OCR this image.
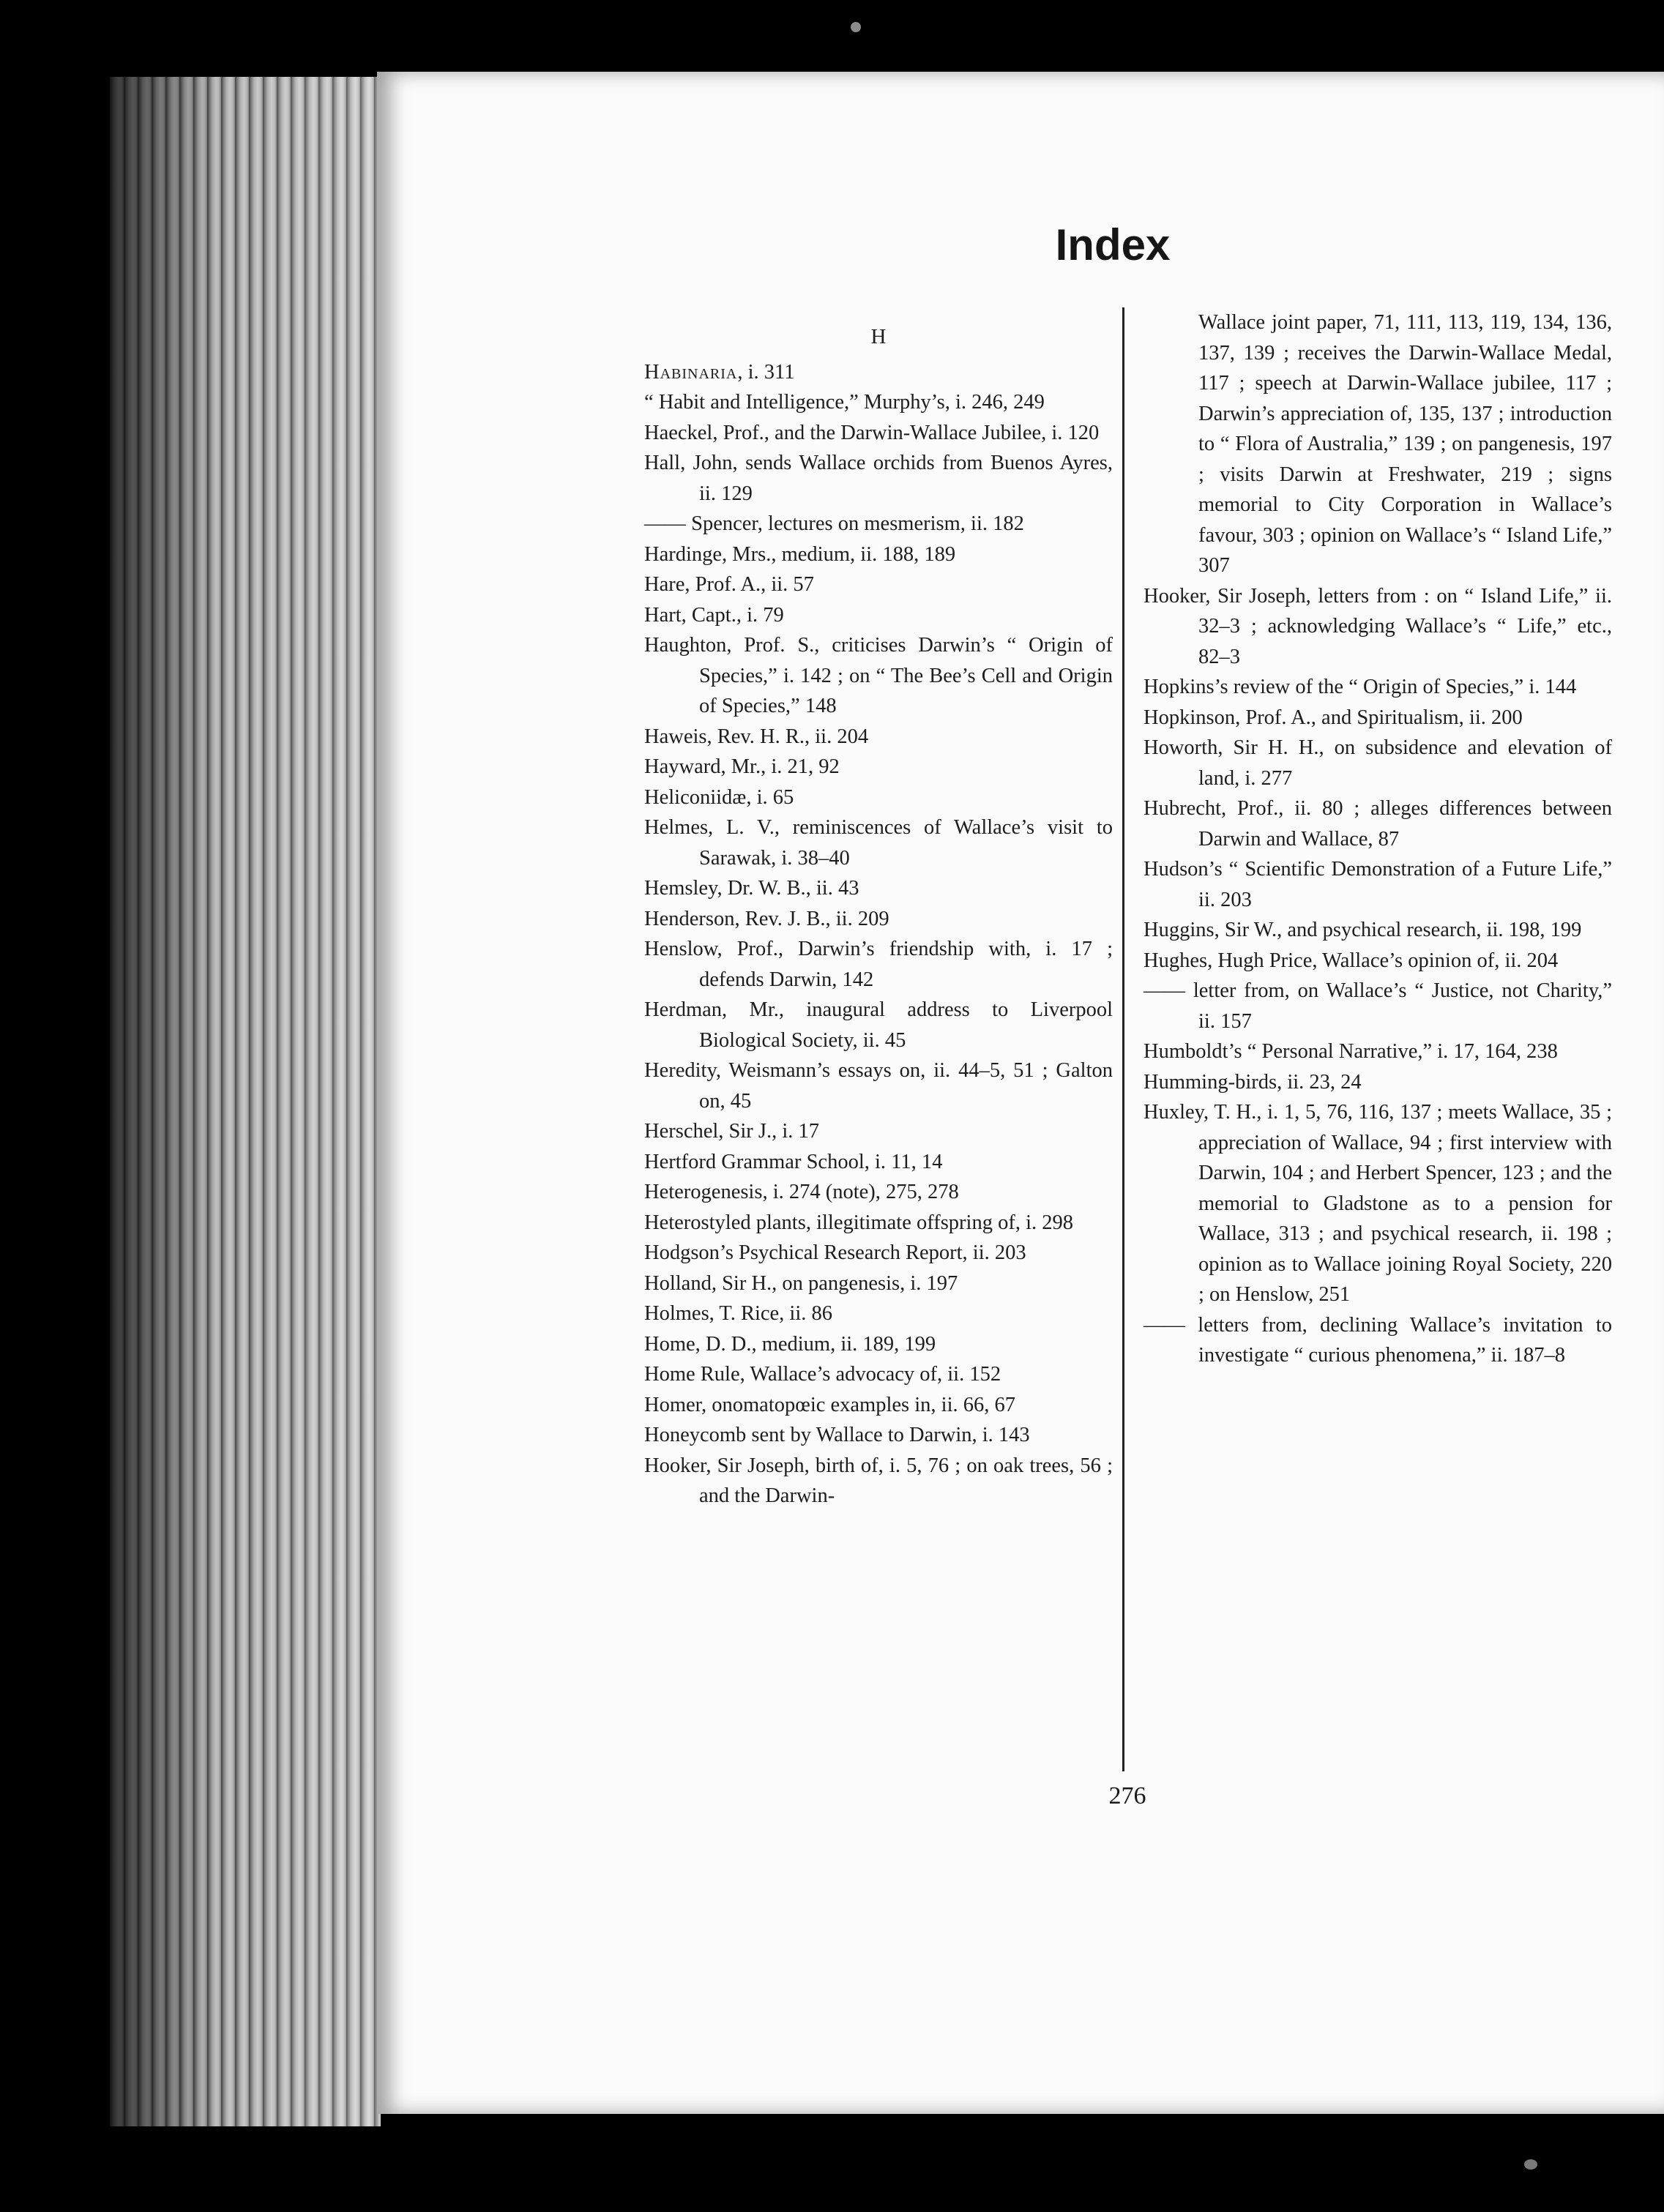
Index
H

Habinaria, i. 311

“ Habit and Intelligence,” Murphy’s, i. 246, 249

Haeckel, Prof., and the Darwin-Wallace Jubilee, i. 120

Hall, John, sends Wallace orchids from Buenos Ayres, ii. 129

—— Spencer, lectures on mesmerism, ii. 182

Hardinge, Mrs., medium, ii. 188, 189

Hare, Prof. A., ii. 57

Hart, Capt., i. 79

Haughton, Prof. S., criticises Darwin’s “ Origin of Species,” i. 142 ; on “ The Bee’s Cell and Origin of Species,” 148

Haweis, Rev. H. R., ii. 204

Hayward, Mr., i. 21, 92

Heliconiidæ, i. 65

Helmes, L. V., reminiscences of Wallace’s visit to Sarawak, i. 38–40

Hemsley, Dr. W. B., ii. 43

Henderson, Rev. J. B., ii. 209

Henslow, Prof., Darwin’s friendship with, i. 17 ; defends Darwin, 142

Herdman, Mr., inaugural address to Liverpool Biological Society, ii. 45

Heredity, Weismann’s essays on, ii. 44–5, 51 ; Galton on, 45

Herschel, Sir J., i. 17

Hertford Grammar School, i. 11, 14

Heterogenesis, i. 274 (note), 275, 278

Heterostyled plants, illegitimate offspring of, i. 298

Hodgson’s Psychical Research Report, ii. 203

Holland, Sir H., on pangenesis, i. 197

Holmes, T. Rice, ii. 86

Home, D. D., medium, ii. 189, 199

Home Rule, Wallace’s advocacy of, ii. 152

Homer, onomatopœic examples in, ii. 66, 67

Honeycomb sent by Wallace to Darwin, i. 143

Hooker, Sir Joseph, birth of, i. 5, 76 ; on oak trees, 56 ; and the Darwin-

Wallace joint paper, 71, 111, 113, 119, 134, 136, 137, 139 ; receives the Darwin-Wallace Medal, 117 ; speech at Darwin-Wallace jubilee, 117 ; Darwin’s appreciation of, 135, 137 ; introduction to “ Flora of Australia,” 139 ; on pangenesis, 197 ; visits Darwin at Freshwater, 219 ; signs memorial to City Corporation in Wallace’s favour, 303 ; opinion on Wallace’s “ Island Life,” 307

Hooker, Sir Joseph, letters from : on “ Island Life,” ii. 32–3 ; acknowledging Wallace’s “ Life,” etc., 82–3

Hopkins’s review of the “ Origin of Species,” i. 144

Hopkinson, Prof. A., and Spiritualism, ii. 200

Howorth, Sir H. H., on subsidence and elevation of land, i. 277

Hubrecht, Prof., ii. 80 ; alleges differences between Darwin and Wallace, 87

Hudson’s “ Scientific Demonstration of a Future Life,” ii. 203

Huggins, Sir W., and psychical research, ii. 198, 199

Hughes, Hugh Price, Wallace’s opinion of, ii. 204

—— letter from, on Wallace’s “ Justice, not Charity,” ii. 157

Humboldt’s “ Personal Narrative,” i. 17, 164, 238

Humming-birds, ii. 23, 24

Huxley, T. H., i. 1, 5, 76, 116, 137 ; meets Wallace, 35 ; appreciation of Wallace, 94 ; first interview with Darwin, 104 ; and Herbert Spencer, 123 ; and the memorial to Gladstone as to a pension for Wallace, 313 ; and psychical research, ii. 198 ; opinion as to Wallace joining Royal Society, 220 ; on Henslow, 251

—— letters from, declining Wallace’s invitation to investigate “ curious phenomena,” ii. 187–8

276
